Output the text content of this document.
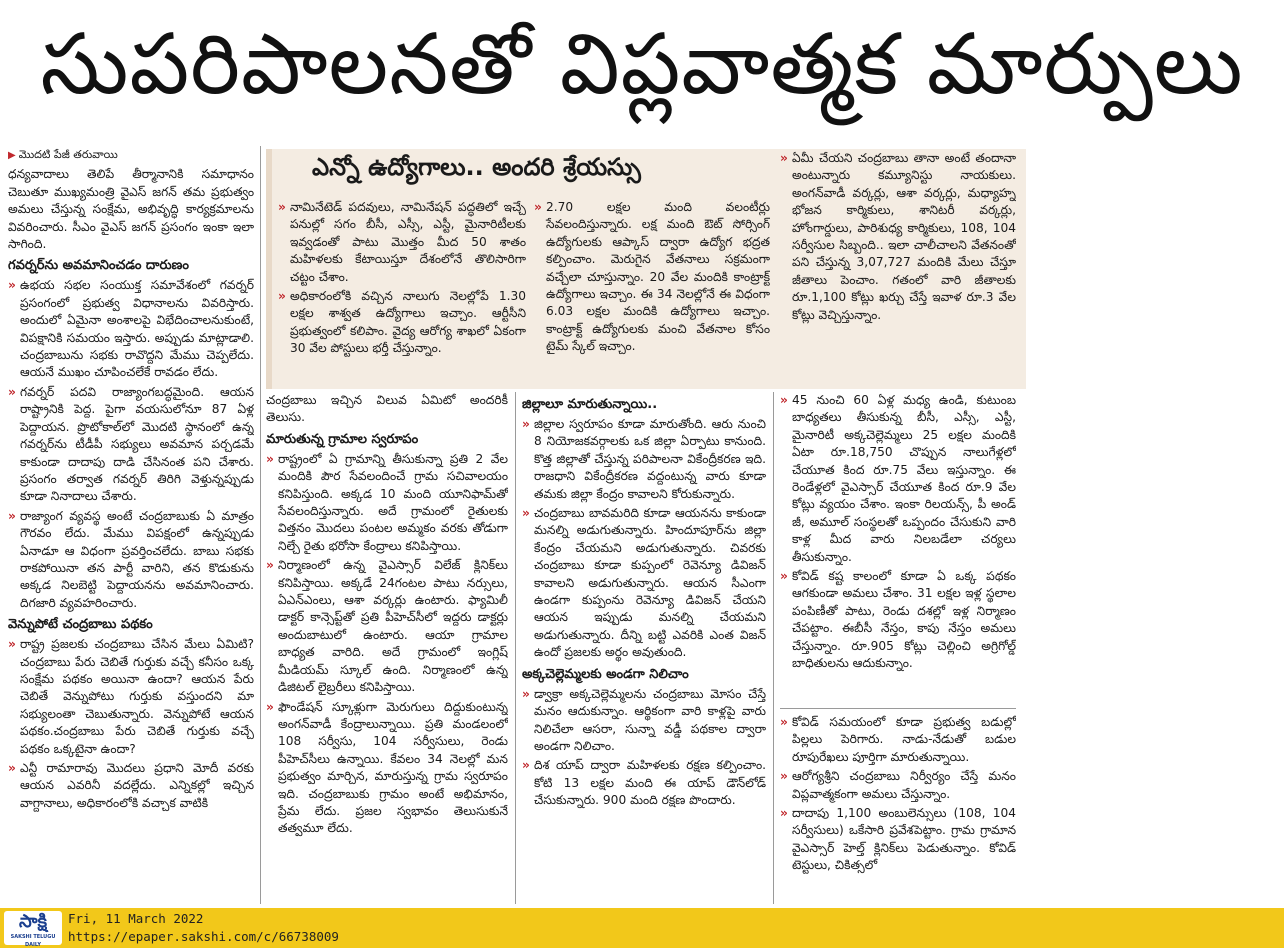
సుపరిపాలనతో విప్లవాత్మక మార్పులు
▶ మొదటి పేజీ తరువాయి

ధన్యవాదాలు తెలిపే తీర్మానానికి సమాధానం చెబుతూ ముఖ్యమంత్రి వైఎస్ జగన్ తమ ప్రభుత్వం అమలు చేస్తున్న సంక్షేమ, అభివృద్ధి కార్యక్రమాలను వివరించారు. సీఎం వైఎస్ జగన్ ప్రసంగం ఇంకా ఇలా సాగింది.

గవర్నర్‌ను అవమానించడం దారుణం

» ఉభయ సభల సంయుక్త సమావేశంలో గవర్నర్ ప్రసంగంలో ప్రభుత్వ విధానాలను వివరిస్తారు. అందులో ఏమైనా అంశాలపై విభేదించాలనుకుంటే, విపక్షానికి సమయం ఇస్తారు. అప్పుడు మాట్లాడాలి. చంద్రబాబును సభకు రావొద్దని మేము చెప్పలేదు. ఆయనే ముఖం చూపించలేకే రావడం లేదు.

» గవర్నర్ పదవి రాజ్యాంగబద్ధమైంది. ఆయన రాష్ట్రానికి పెద్ద. పైగా వయసులోనూ 87 ఏళ్ల పెద్దాయన. ప్రొటోకాల్‌లో మొదటి స్థానంలో ఉన్న గవర్నర్‌ను టీడీపీ సభ్యులు అవమాన పర్చడమే కాకుండా దాదాపు దాడి చేసినంత పని చేశారు. ప్రసంగం తర్వాత గవర్నర్ తిరిగి వెళ్తున్నప్పుడు కూడా నినాదాలు చేశారు.

» రాజ్యాంగ వ్యవస్థ అంటే చంద్రబాబుకు ఏ మాత్రం గౌరవం లేదు. మేము విపక్షంలో ఉన్నప్పుడు ఏనాడూ ఆ విధంగా ప్రవర్తించలేదు. బాబు సభకు రాకపోయినా తన పార్టీ వారిని, తన కొడుకును అక్కడ నిలబెట్టి పెద్దాయనను అవమానించారు. దిగజారి వ్యవహరించారు.

వెన్నుపోటే చంద్రబాబు పథకం

» రాష్ట్ర ప్రజలకు చంద్రబాబు చేసిన మేలు ఏమిటి? చంద్రబాబు పేరు చెబితే గుర్తుకు వచ్చే కనీసం ఒక్క సంక్షేమ పథకం అయినా ఉందా? ఆయన పేరు చెబితే వెన్నుపోటు గుర్తుకు వస్తుందని మా సభ్యులంతా చెబుతున్నారు. వెన్నుపోటే ఆయన పథకం.చంద్రబాబు పేరు చెబితే గుర్తుకు వచ్చే పథకం ఒక్కటైనా ఉందా?

» ఎన్టీ రామారావు మొదలు ప్రధాని మోదీ వరకు ఆయన ఎవరినీ వదల్లేదు. ఎన్నికల్లో ఇచ్చిన వాగ్దానాలు, అధికారంలోకి వచ్చాక వాటికి

ఎన్నో ఉద్యోగాలు.. అందరి శ్రేయస్సు

» నామినేటెడ్ పదవులు, నామినేషన్ పద్ధతిలో ఇచ్చే పనుల్లో సగం బీసీ, ఎస్సీ, ఎస్టీ, మైనారిటీలకు ఇవ్వడంతో పాటు మొత్తం మీద 50 శాతం మహిళలకు కేటాయిస్తూ దేశంలోనే తొలిసారిగా చట్టం చేశాం.

» అధికారంలోకి వచ్చిన నాలుగు నెలల్లోపే 1.30 లక్షల శాశ్వత ఉద్యోగాలు ఇచ్చాం. ఆర్టీసీని ప్రభుత్వంలో కలిపాం. వైద్య ఆరోగ్య శాఖలో ఏకంగా 30 వేల పోస్టులు భర్తీ చేస్తున్నాం.

» 2.70 లక్షల మంది వలంటీర్లు సేవలందిస్తున్నారు. లక్ష మంది ఔట్ సోర్సింగ్ ఉద్యోగులకు ఆప్కాస్ ద్వారా ఉద్యోగ భద్రత కల్పించాం. మెరుగైన వేతనాలు సక్రమంగా వచ్చేలా చూస్తున్నాం. 20 వేల మందికి కాంట్రాక్ట్ ఉద్యోగాలు ఇచ్చాం. ఈ 34 నెలల్లోనే ఈ విధంగా 6.03 లక్షల మందికి ఉద్యోగాలు ఇచ్చాం. కాంట్రాక్ట్ ఉద్యోగులకు మంచి వేతనాల కోసం టైమ్ స్కేల్ ఇచ్చాం.

» ఏమీ చేయని చంద్రబాబు తానా అంటే తందానా అంటున్నారు కమ్యూనిస్టు నాయకులు. అంగన్‌వాడీ వర్కర్లు, ఆశా వర్కర్లు, మధ్యాహ్న భోజన కార్మికులు, శానిటరీ వర్కర్లు, హోంగార్డులు, పారిశుధ్య కార్మికులు, 108, 104 సర్వీసుల సిబ్బంది.. ఇలా చాలీచాలని వేతనంతో పని చేస్తున్న 3,07,727 మందికి మేలు చేస్తూ జీతాలు పెంచాం. గతంలో వారి జీతాలకు రూ.1,100 కోట్లు ఖర్చు చేస్తే ఇవాళ రూ.3 వేల కోట్లు వెచ్చిస్తున్నాం.

చంద్రబాబు ఇచ్చిన విలువ ఏమిటో అందరికీ తెలుసు.

మారుతున్న గ్రామాల స్వరూపం

» రాష్ట్రంలో ఏ గ్రామాన్ని తీసుకున్నా ప్రతి 2 వేల మందికి పౌర సేవలందించే గ్రామ సచివాలయం కనిపిస్తుంది. అక్కడ 10 మంది యూనిఫామ్‌తో సేవలందిస్తున్నారు. అదే గ్రామంలో రైతులకు విత్తనం మొదలు పంటల అమ్మకం వరకు తోడుగా నిల్చే రైతు భరోసా కేంద్రాలు కనిపిస్తాయి.

» నిర్మాణంలో ఉన్న వైఎస్సార్ విలేజ్ క్లినిక్‌లు కనిపిస్తాయి. అక్కడే 24గంటల పాటు నర్సులు, ఏఎన్‌ఎంలు, ఆశా వర్కర్లు ఉంటారు. ఫ్యామిలీ డాక్టర్ కాన్సెప్ట్‌తో ప్రతి పీహెచ్‌సీలో ఇద్దరు డాక్టర్లు అందుబాటులో ఉంటారు. ఆయా గ్రామాల బాధ్యత వారిది. అదే గ్రామంలో ఇంగ్లిష్ మీడియమ్ స్కూల్ ఉంది. నిర్మాణంలో ఉన్న డిజిటల్ లైబ్రరీలు కనిపిస్తాయి.

» ఫౌండేషన్ స్కూళ్లుగా మెరుగులు దిద్దుకుంటున్న అంగన్‌వాడీ కేంద్రాలున్నాయి. ప్రతి మండలంలో 108 సర్వీసు, 104 సర్వీసులు, రెండు పీహెచ్‌సీలు ఉన్నాయి. కేవలం 34 నెలల్లో మన ప్రభుత్వం మార్చిన, మారుస్తున్న గ్రామ స్వరూపం ఇది. చంద్రబాబుకు గ్రామం అంటే అభిమానం, ప్రేమ లేదు. ప్రజల స్వభావం తెలుసుకునే తత్వమూ లేదు.

జిల్లాలూ మారుతున్నాయి..

» జిల్లాల స్వరూపం కూడా మారుతోంది. ఆరు నుంచి 8 నియోజకవర్గాలకు ఒక జిల్లా ఏర్పాటు కానుంది. కొత్త జిల్లాతో చేస్తున్న పరిపాలనా వికేంద్రీకరణ ఇది. రాజధాని వికేంద్రీకరణ వద్దంటున్న వారు కూడా తమకు జిల్లా కేంద్రం కావాలని కోరుకున్నారు.

» చంద్రబాబు బావమరిది కూడా ఆయనను కాకుండా మనల్ని అడుగుతున్నారు. హిందూపూర్‌ను జిల్లా కేంద్రం చేయమని అడుగుతున్నారు. చివరకు చంద్రబాబు కూడా కుప్పంలో రెవెన్యూ డివిజన్ కావాలని అడుగుతున్నారు. ఆయన సీఎంగా ఉండగా కుప్పంను రెవెన్యూ డివిజన్ చేయని ఆయన ఇప్పుడు మనల్ని చేయమని అడుగుతున్నారు. దీన్ని బట్టి ఎవరికి ఎంత విజన్ ఉందో ప్రజలకు అర్థం అవుతుంది.

అక్కచెల్లెమ్మలకు అండగా నిలిచాం

» డ్వాక్రా అక్కచెల్లెమ్మలను చంద్రబాబు మోసం చేస్తే మనం ఆదుకున్నాం. ఆర్థికంగా వారి కాళ్లపై వారు నిలిచేలా ఆసరా, సున్నా వడ్డీ పథకాల ద్వారా అండగా నిలిచాం.

» దిశ యాప్ ద్వారా మహిళలకు రక్షణ కల్పించాం. కోటి 13 లక్షల మంది ఈ యాప్ డౌన్‌లోడ్ చేసుకున్నారు. 900 మంది రక్షణ పొందారు.

» 45 నుంచి 60 ఏళ్ల మధ్య ఉండి, కుటుంబ బాధ్యతలు తీసుకున్న బీసీ, ఎస్సీ, ఎస్టీ, మైనారిటీ అక్కచెల్లెమ్మలు 25 లక్షల మందికి ఏటా రూ.18,750 చొప్పున నాలుగేళ్లలో చేయూత కింద రూ.75 వేలు ఇస్తున్నాం. ఈ రెండేళ్లలో వైఎస్సార్ చేయూత కింద రూ.9 వేల కోట్లు వ్యయం చేశాం. ఇంకా రిలయన్స్, పీ అండ్ జీ, అమూల్ సంస్థలతో ఒప్పందం చేసుకుని వారి కాళ్ల మీద వారు నిలబడేలా చర్యలు తీసుకున్నాం.

» కోవిడ్ కష్ట కాలంలో కూడా ఏ ఒక్క పథకం ఆగకుండా అమలు చేశాం. 31 లక్షల ఇళ్ల స్థలాల పంపిణీతో పాటు, రెండు దశల్లో ఇళ్ల నిర్మాణం చేపట్టాం. ఈబీసీ నేస్తం, కాపు నేస్తం అమలు చేస్తున్నాం. రూ.905 కోట్లు చెల్లించి అగ్రిగోల్డ్ బాధితులను ఆదుకున్నాం.

» కోవిడ్ సమయంలో కూడా ప్రభుత్వ బడుల్లో పిల్లలు పెరిగారు. నాడు-నేడుతో బడుల రూపురేఖలు పూర్తిగా మారుతున్నాయి.

» ఆరోగ్యశ్రీని చంద్రబాబు నిర్వీర్యం చేస్తే మనం విప్లవాత్మకంగా అమలు చేస్తున్నాం.

» దాదాపు 1,100 అంబులెన్సులు (108, 104 సర్వీసులు) ఒకేసారి ప్రవేశపెట్టాం. గ్రామ గ్రామాన వైఎస్సార్ హెల్త్ క్లినిక్‌లు పెడుతున్నాం. కోవిడ్ టెస్టులు, చికిత్సలో

సాక్షి
SAKSHI TELUGU DAILY
Fri, 11 March 2022
https://epaper.sakshi.com/c/66738009
